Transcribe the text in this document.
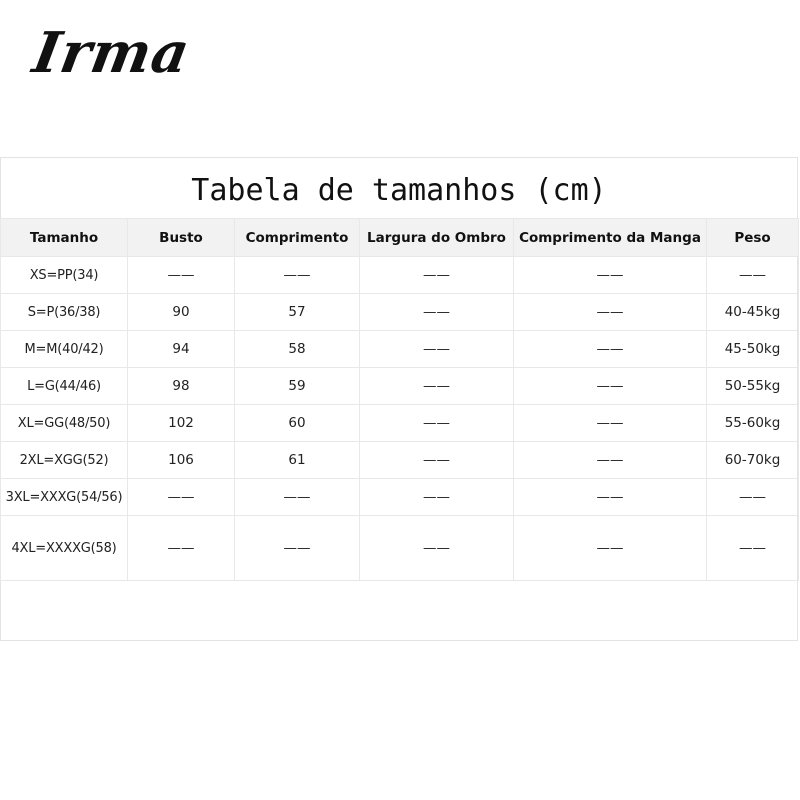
Irma
Tabela de tamanhos (cm)
Tamanho	Busto	Comprimento	Largura do Ombro	Comprimento da Manga	Peso
XS=PP(34)	——	——	——	——	——
S=P(36/38)	90	57	——	——	40-45kg
M=M(40/42)	94	58	——	——	45-50kg
L=G(44/46)	98	59	——	——	50-55kg
XL=GG(48/50)	102	60	——	——	55-60kg
2XL=XGG(52)	106	61	——	——	60-70kg
3XL=XXXG(54/56)	——	——	——	——	——
4XL=XXXXG(58)	——	——	——	——	——
